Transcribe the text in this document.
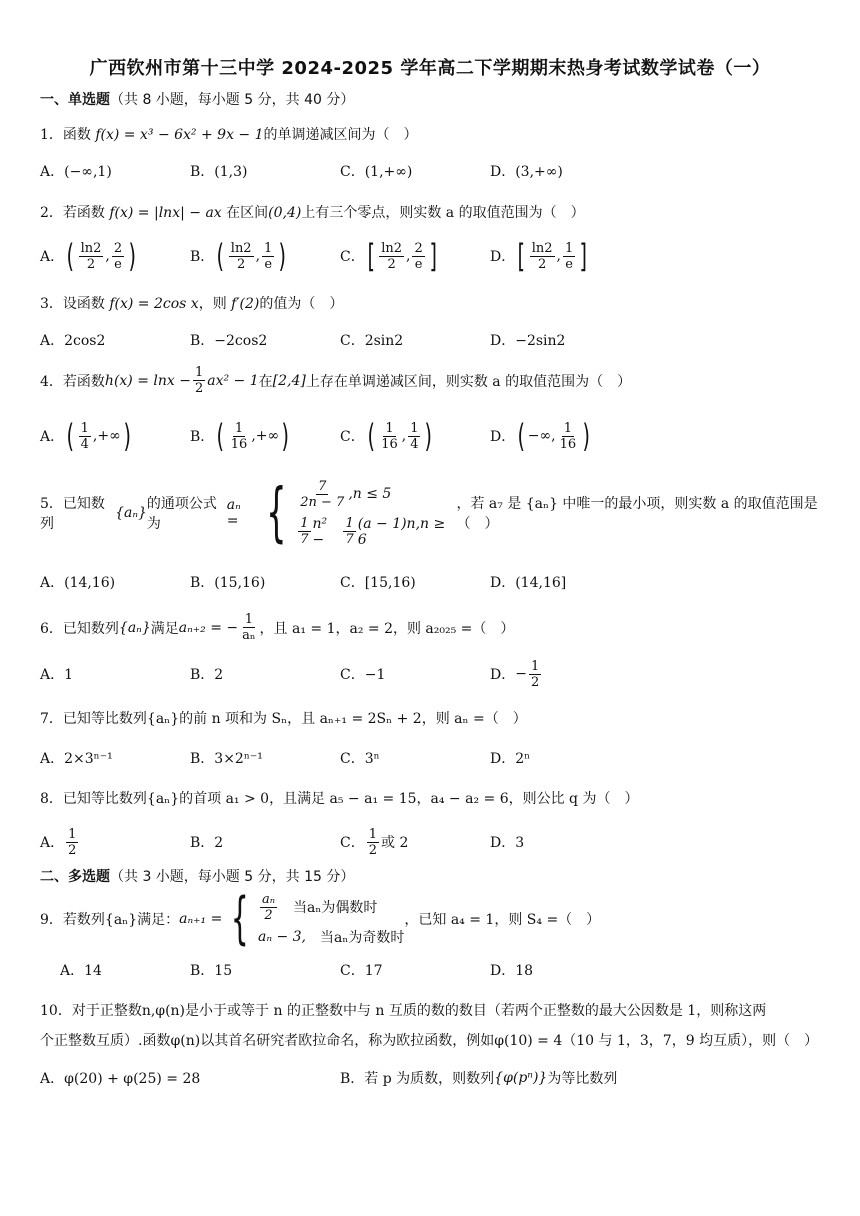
广西钦州市第十三中学 2024-2025 学年高二下学期期末热身考试数学试卷（一）
一、单选题（共 8 小题，每小题 5 分，共 40 分）
1．函数 f(x) = x³ − 6x² + 9x − 1的单调递减区间为（　）
A．(−∞,1)	B．(1,3)	C．(1,+∞)	D．(3,+∞)
2．若函数 f(x) = |lnx| − ax 在区间(0,4)上有三个零点，则实数 a 的取值范围为（　）
A． ( $\frac{\ln 2}{2}$ , $\frac{2}{e}$ )	B． ( $\frac{\ln 2}{2}$ , $\frac{1}{e}$ )	C． [ $\frac{\ln 2}{2}$ , $\frac{2}{e}$ ]	D． [ $\frac{\ln 2}{2}$ , $\frac{1}{e}$ ]
3．设函数 f(x) = 2cos x，则 f′(2)的值为（　）
A．2cos2	B．−2cos2	C．2sin2	D．−2sin2
4．若函数 $h(x) = \ln x - \frac{1}{2} ax^2 - 1$ 在 [2,4] 上存在单调递减区间，则实数 a 的取值范围为（　）
A． ( $\frac{1}{4}$ , +∞ )	B． ( $\frac{1}{16}$ , +∞ )	C． ( $\frac{1}{16}$ , $\frac{1}{4}$ )	D． ( −∞ , $\frac{1}{16}$ )
5．已知数列
{aₙ}
的通项公式为
aₙ = { $\frac{7}{2n - 7} ,n \le 5$
$\frac{1}{7} n^2$ −	$\frac{1}{7} (a - 1)n,n \ge 6$
，若 a₇ 是 {aₙ} 中唯一的最小项，则实数 a 的取值范围是（　）
A．(14,16)	B．(15,16)	C．[15,16)	D．(14,16]
6．已知数列 {aₙ} 满足 aₙ₊₂ = − $\frac{1}{\text{aₙ}}$ ，且 a₁ = 1，a₂ = 2，则 a₂₀₂₅ =（　）
A．1	B．2	C．−1	D． − $\frac{1}{2}$
7．已知等比数列{aₙ}的前 n 项和为 Sₙ，且 aₙ₊₁ = 2Sₙ + 2，则 aₙ =（　）
A．2×3ⁿ⁻¹	B．3×2ⁿ⁻¹	C．3ⁿ	D．2ⁿ
8．已知等比数列{aₙ}的首项 a₁ > 0，且满足 a₅ − a₁ = 15，a₄ − a₂ = 6，则公比 q 为（　）
A． $\frac{1}{2}$	B．2	C． $\frac{1}{2}$ 或 2	D．3
二、多选题（共 3 小题，每小题 5 分，共 15 分）
9．若数列{aₙ}满足： aₙ₊₁ = { $\frac{\text{aₙ}}{2}$ 当aₙ为偶数时
aₙ − 3, 当aₙ为奇数时
，已知 a₄ = 1，则 S₄ =（　）
A．14	B．15	C．17	D．18
10．对于正整数n,φ(n)是小于或等于 n 的正整数中与 n 互质的数的数目（若两个正整数的最大公因数是 1，则称这两
个正整数互质）.函数φ(n)以其首名研究者欧拉命名，称为欧拉函数，例如φ(10) = 4（10 与 1，3，7，9 均互质），则（　）
A．φ(20) + φ(25) = 28	B．若 p 为质数，则数列 {φ(pⁿ)} 为等比数列
